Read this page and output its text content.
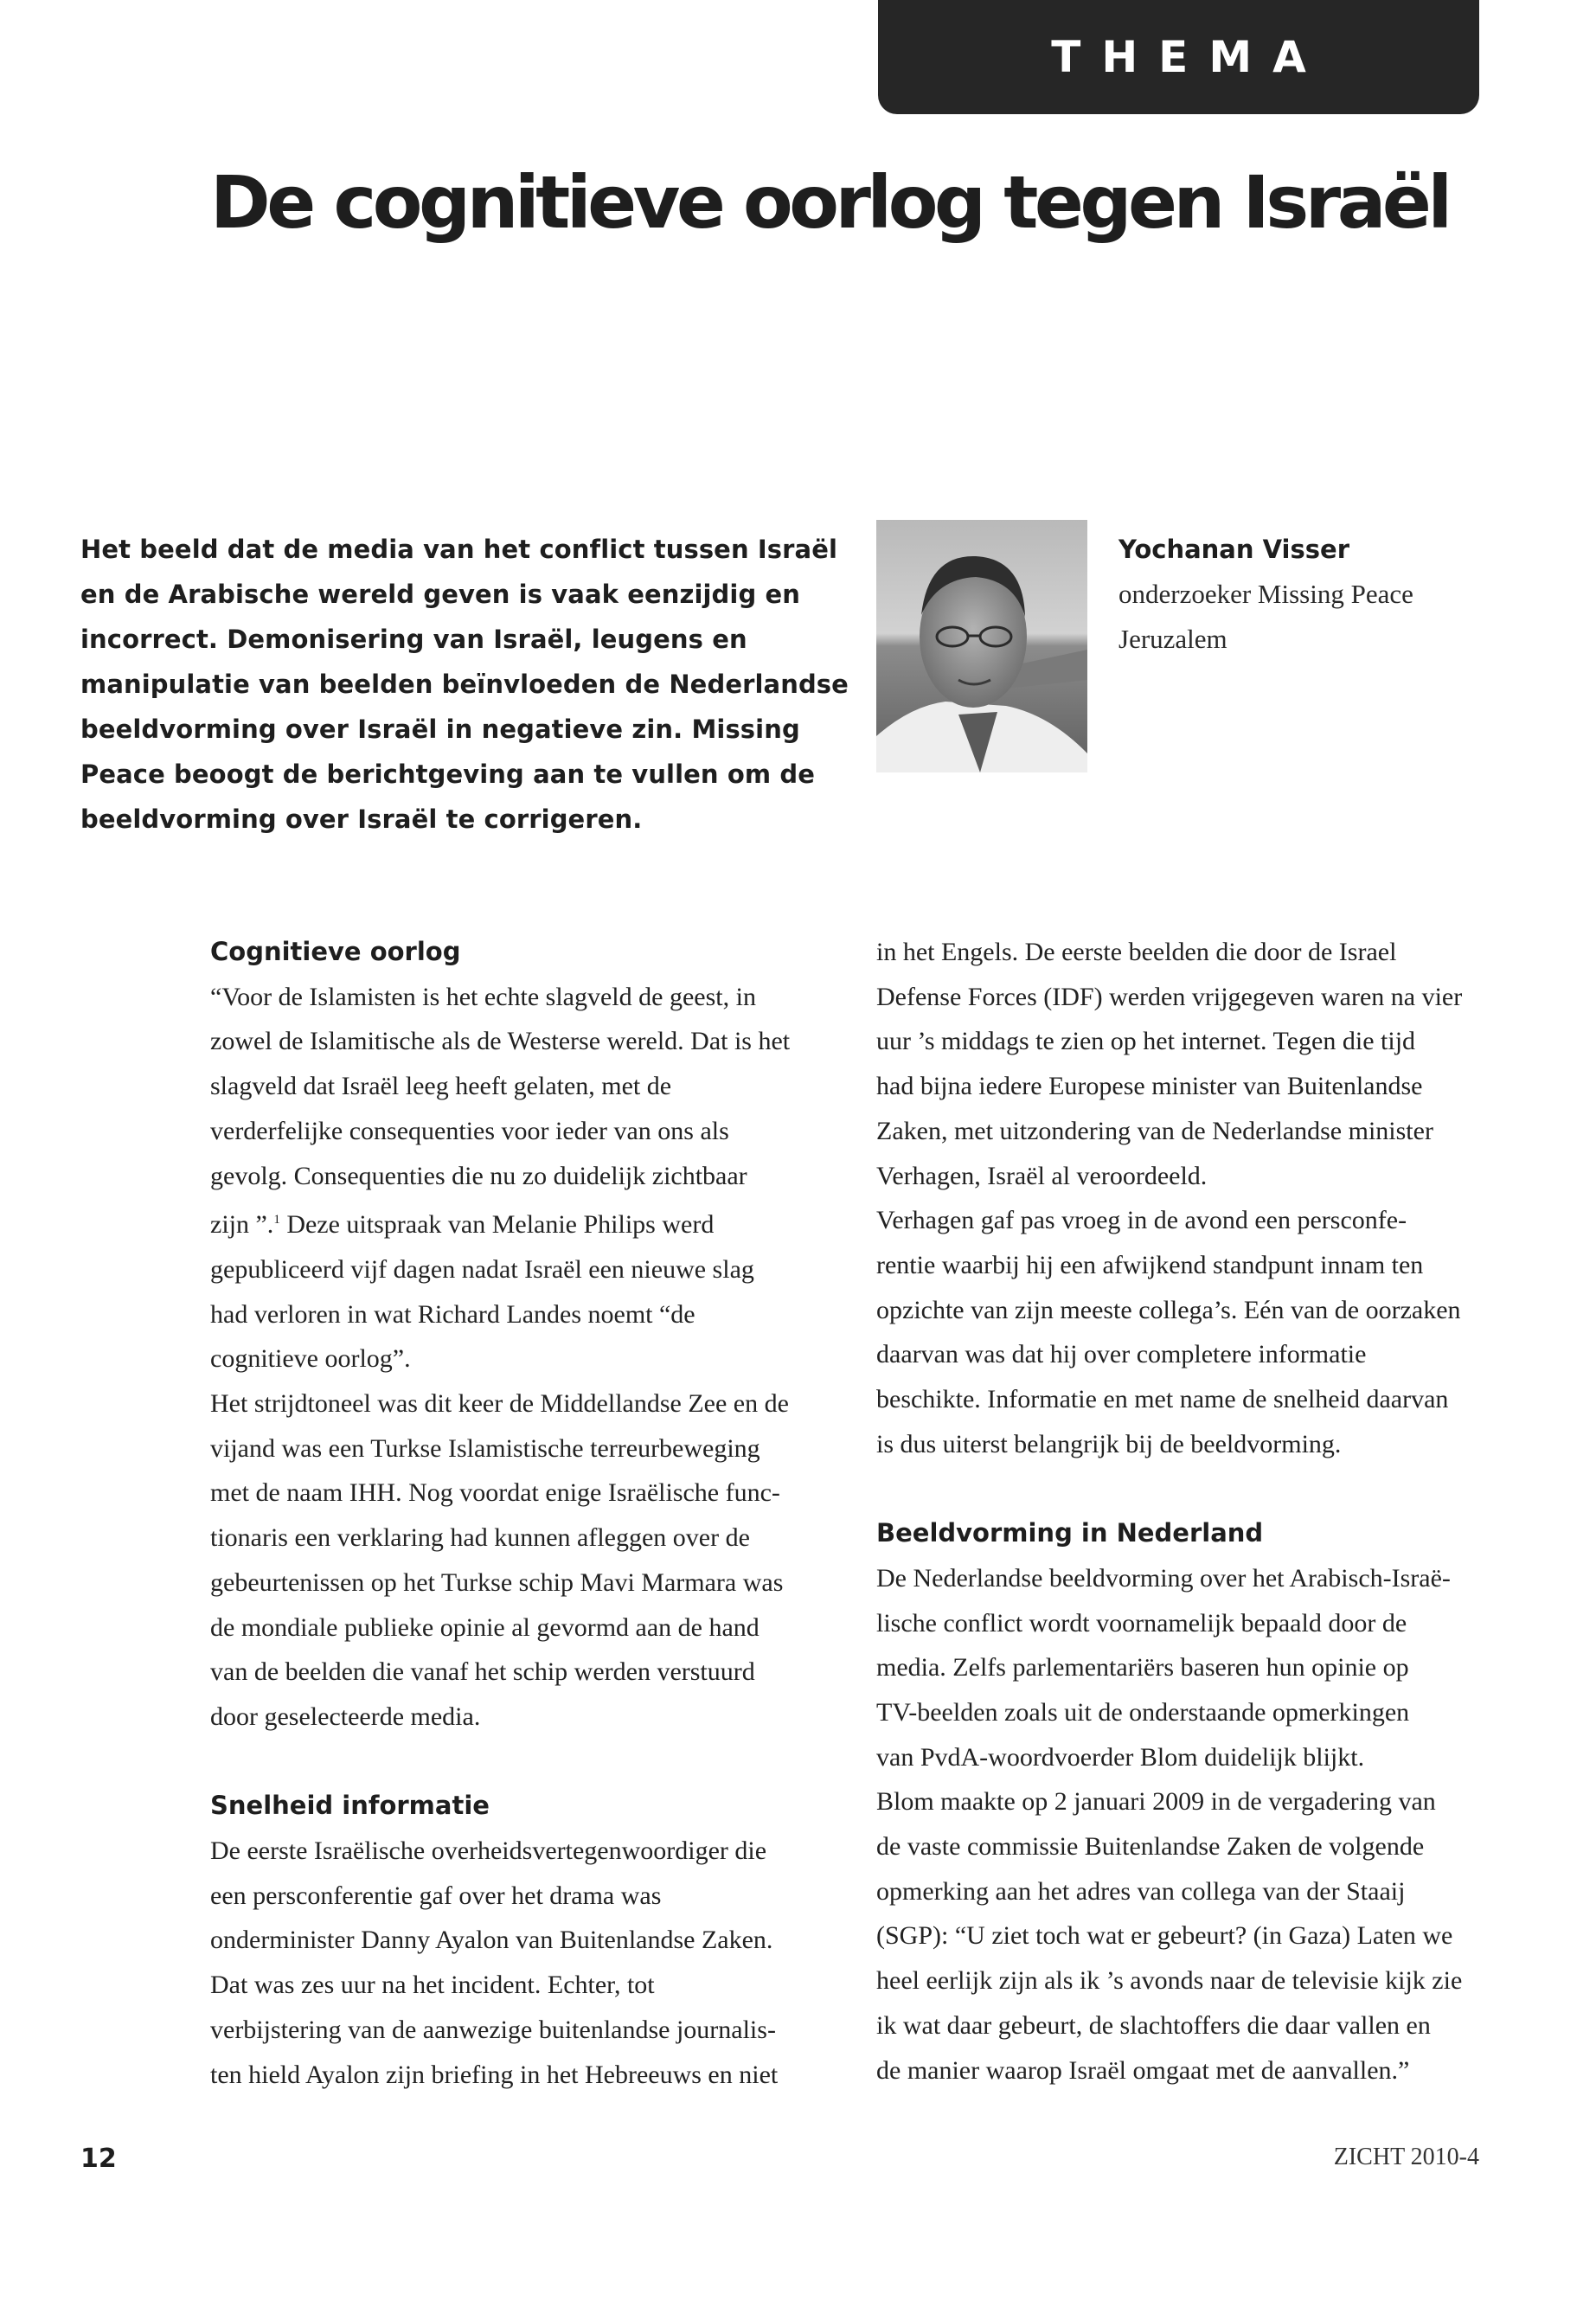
THEMA
De cognitieve oorlog tegen Israël
Het beeld dat de media van het conflict tussen Israël
en de Arabische wereld geven is vaak eenzijdig en
incorrect. Demonisering van Israël, leugens en
manipulatie van beelden beïnvloeden de Nederlandse
beeldvorming over Israël in negatieve zin. Missing
Peace beoogt de berichtgeving aan te vullen om de
beeldvorming over Israël te corrigeren.
Yochanan Visser
onderzoeker Missing Peace
Jeruzalem
Cognitieve oorlog
“Voor de Islamisten is het echte slagveld de geest, in
zowel de Islamitische als de Westerse wereld. Dat is het
slagveld dat Israël leeg heeft gelaten, met de
verderfelijke consequenties voor ieder van ons als
gevolg. Consequenties die nu zo duidelijk zichtbaar
zijn ”.$^1$ Deze uitspraak van Melanie Philips werd
gepubliceerd vijf dagen nadat Israël een nieuwe slag
had verloren in wat Richard Landes noemt “de
cognitieve oorlog”.
Het strijdtoneel was dit keer de Middellandse Zee en de
vijand was een Turkse Islamistische terreurbeweging
met de naam IHH. Nog voordat enige Israëlische func-
tionaris een verklaring had kunnen afleggen over de
gebeurtenissen op het Turkse schip Mavi Marmara was
de mondiale publieke opinie al gevormd aan de hand
van de beelden die vanaf het schip werden verstuurd
door geselecteerde media.
Snelheid informatie
De eerste Israëlische overheidsvertegenwoordiger die
een persconferentie gaf over het drama was
onderminister Danny Ayalon van Buitenlandse Zaken.
Dat was zes uur na het incident. Echter, tot
verbijstering van de aanwezige buitenlandse journalis-
ten hield Ayalon zijn briefing in het Hebreeuws en niet
in het Engels. De eerste beelden die door de Israel
Defense Forces (IDF) werden vrijgegeven waren na vier
uur ’s middags te zien op het internet. Tegen die tijd
had bijna iedere Europese minister van Buitenlandse
Zaken, met uitzondering van de Nederlandse minister
Verhagen, Israël al veroordeeld.
Verhagen gaf pas vroeg in de avond een persconfe-
rentie waarbij hij een afwijkend standpunt innam ten
opzichte van zijn meeste collega’s. Eén van de oorzaken
daarvan was dat hij over completere informatie
beschikte. Informatie en met name de snelheid daarvan
is dus uiterst belangrijk bij de beeldvorming.
Beeldvorming in Nederland
De Nederlandse beeldvorming over het Arabisch-Israë-
lische conflict wordt voornamelijk bepaald door de
media. Zelfs parlementariërs baseren hun opinie op
TV-beelden zoals uit de onderstaande opmerkingen
van PvdA-woordvoerder Blom duidelijk blijkt.
Blom maakte op 2 januari 2009 in de vergadering van
de vaste commissie Buitenlandse Zaken de volgende
opmerking aan het adres van collega van der Staaij
(SGP): “U ziet toch wat er gebeurt? (in Gaza) Laten we
heel eerlijk zijn als ik ’s avonds naar de televisie kijk zie
ik wat daar gebeurt, de slachtoffers die daar vallen en
de manier waarop Israël omgaat met de aanvallen.”
12	ZICHT 2010-4
